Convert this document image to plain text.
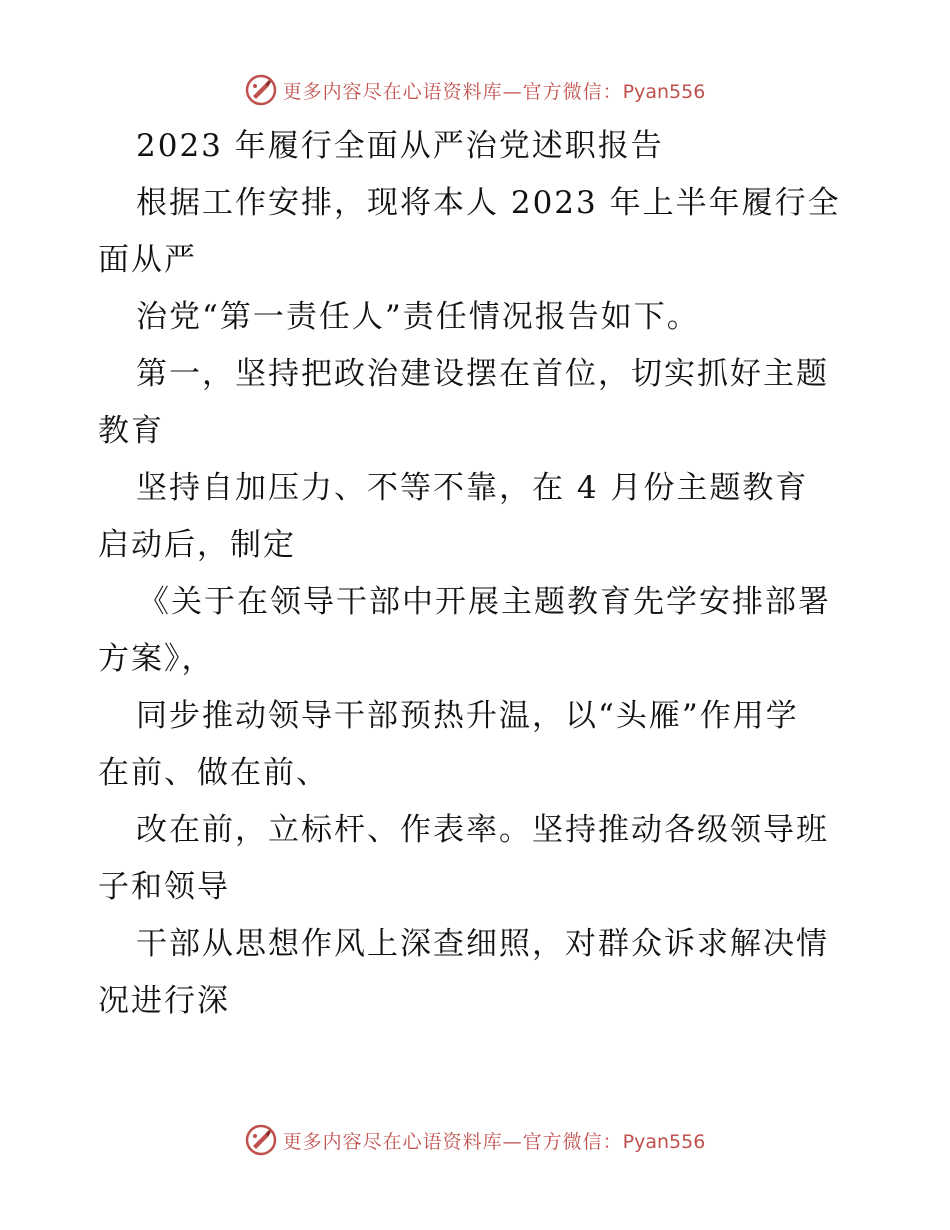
更多内容尽在心语资料库—官方微信：Pyan556
2023 年履行全面从严治党述职报告
根据工作安排，现将本人 2023 年上半年履行全
面从严
治党“第一责任人”责任情况报告如下。
第一，坚持把政治建设摆在首位，切实抓好主题
教育
坚持自加压力、不等不靠，在 4 月份主题教育
启动后，制定
《关于在领导干部中开展主题教育先学安排部署
方案》，
同步推动领导干部预热升温，以“头雁”作用学
在前、做在前、
改在前，立标杆、作表率。坚持推动各级领导班
子和领导
干部从思想作风上深查细照，对群众诉求解决情
况进行深
更多内容尽在心语资料库—官方微信：Pyan556
